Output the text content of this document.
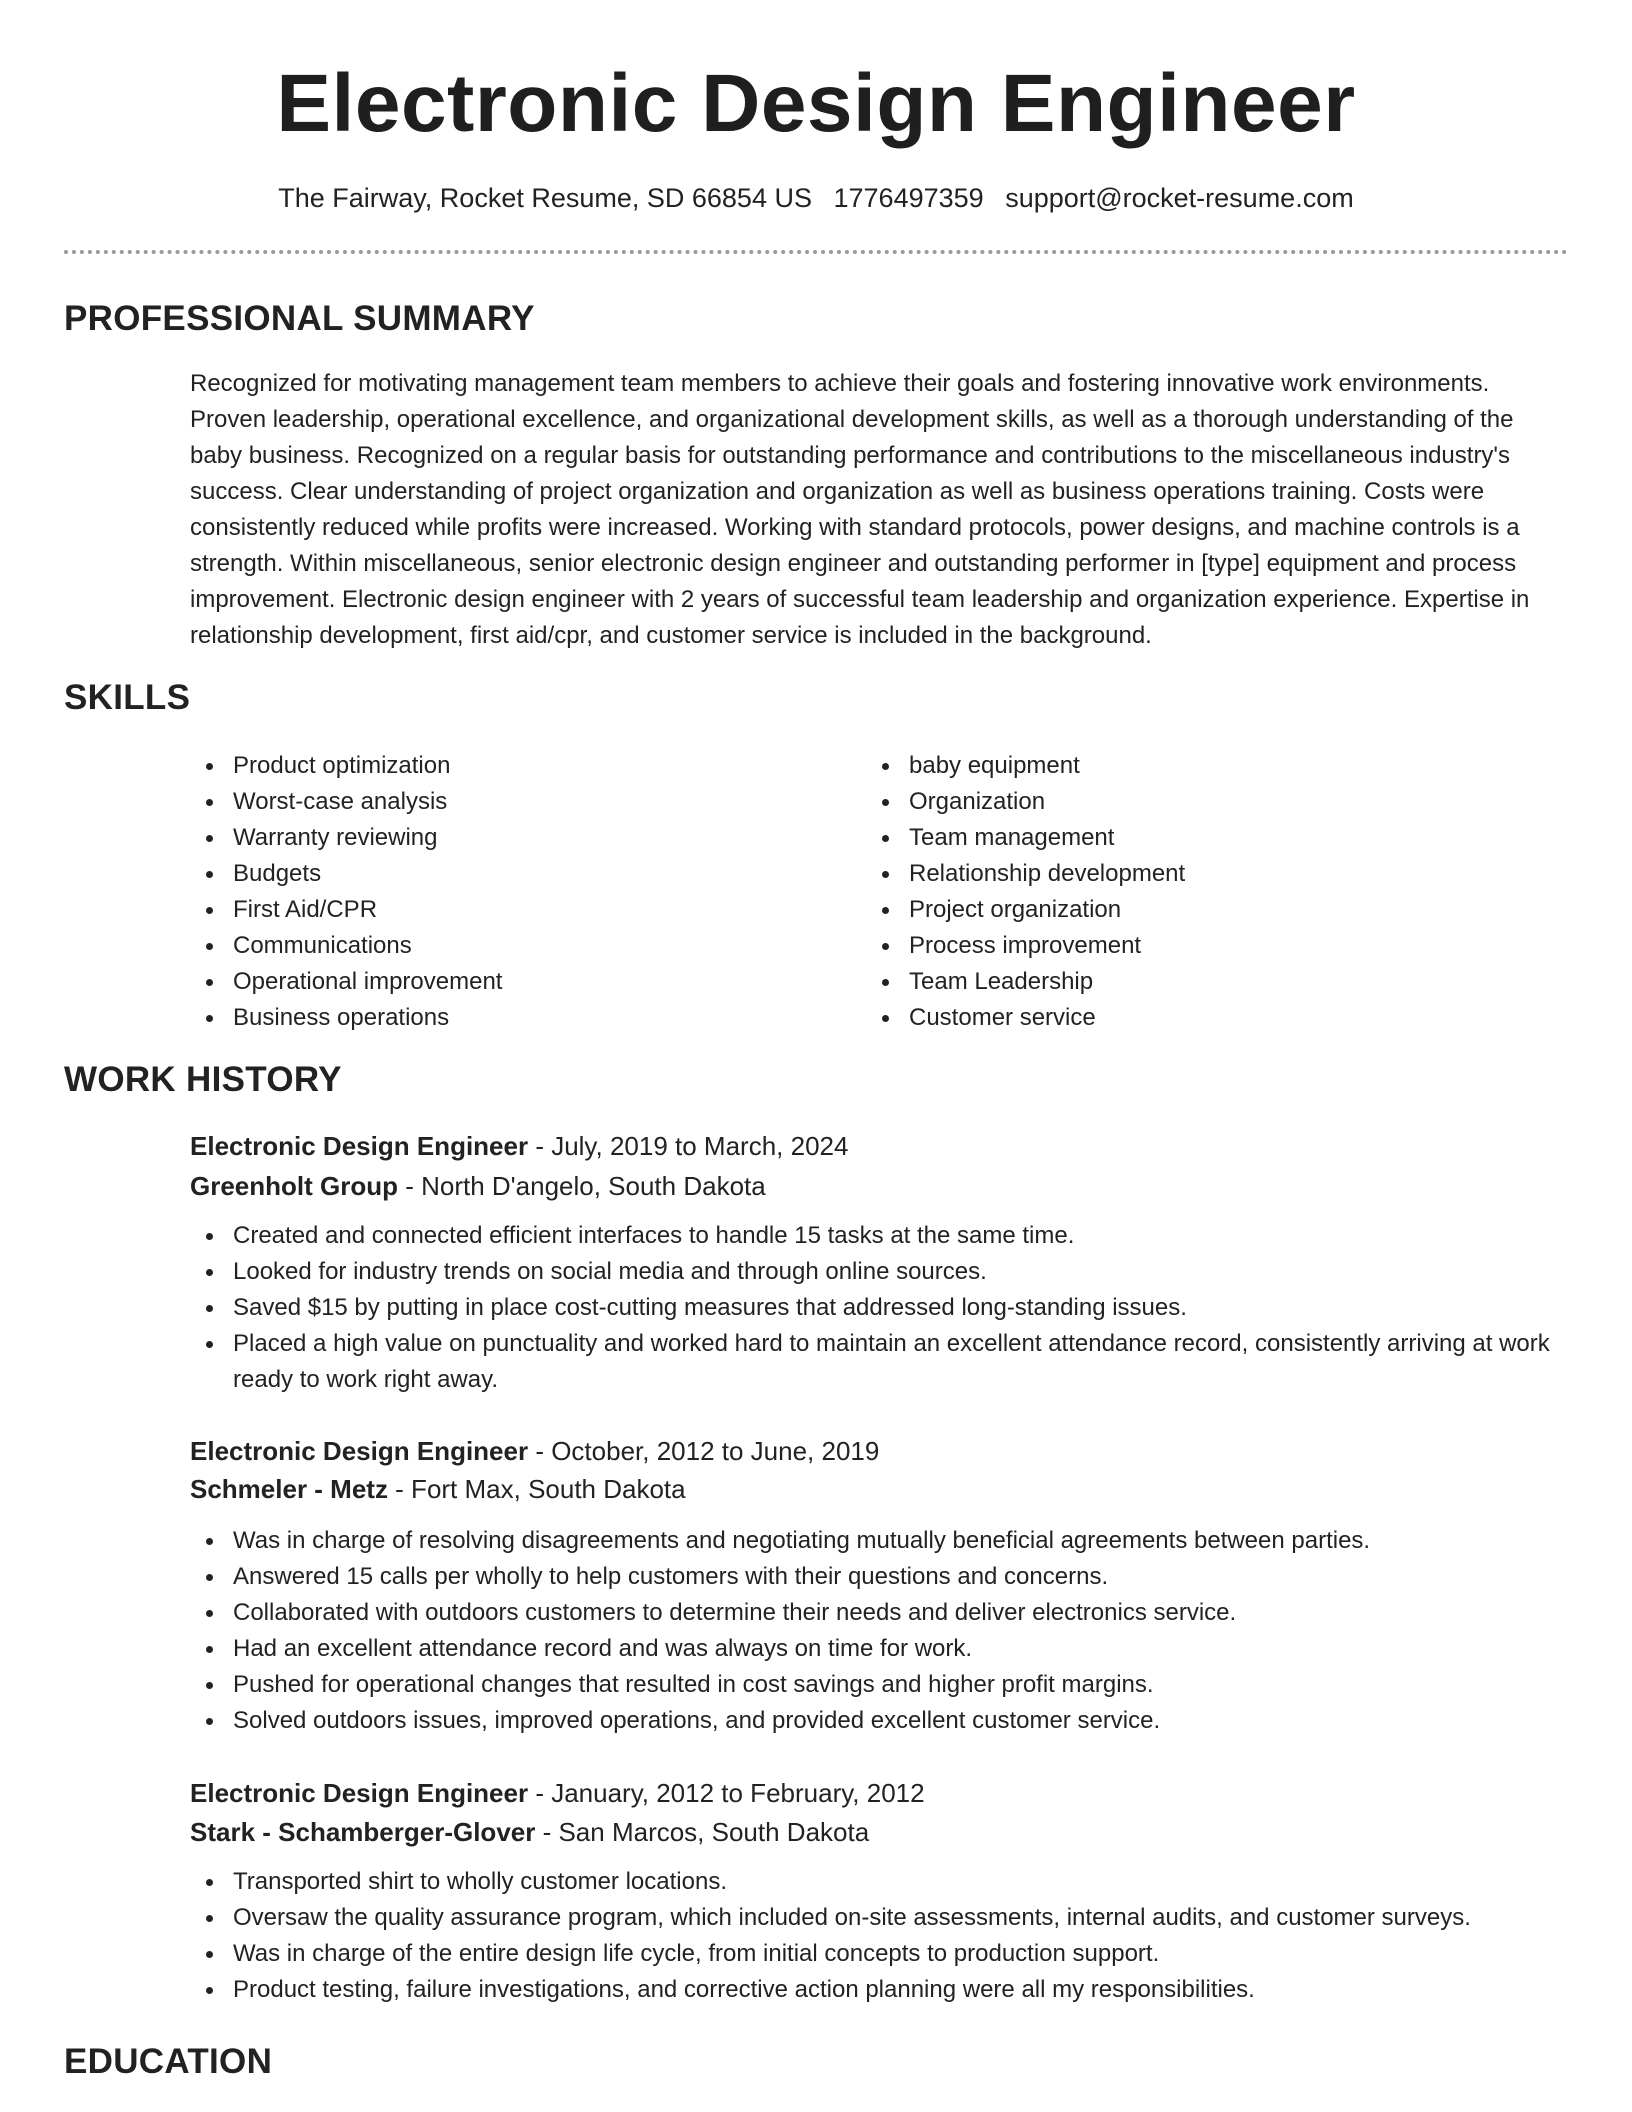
Electronic Design Engineer
The Fairway, Rocket Resume, SD 66854 US 1776497359 support@rocket-resume.com
PROFESSIONAL SUMMARY

Recognized for motivating management team members to achieve their goals and fostering innovative work environments. Proven leadership, operational excellence, and organizational development skills, as well as a thorough understanding of the baby business. Recognized on a regular basis for outstanding performance and contributions to the miscellaneous industry's success. Clear understanding of project organization and organization as well as business operations training. Costs were consistently reduced while profits were increased. Working with standard protocols, power designs, and machine controls is a strength. Within miscellaneous, senior electronic design engineer and outstanding performer in [type] equipment and process improvement. Electronic design engineer with 2 years of successful team leadership and organization experience. Expertise in relationship development, first aid/cpr, and customer service is included in the background.

SKILLS
Product optimization
Worst-case analysis
Warranty reviewing
Budgets
First Aid/CPR
Communications
Operational improvement
Business operations
baby equipment
Organization
Team management
Relationship development
Project organization
Process improvement
Team Leadership
Customer service
WORK HISTORY
Electronic Design Engineer - July, 2019 to March, 2024
Greenholt Group - North D'angelo, South Dakota
Created and connected efficient interfaces to handle 15 tasks at the same time.
Looked for industry trends on social media and through online sources.
Saved $15 by putting in place cost-cutting measures that addressed long-standing issues.
Placed a high value on punctuality and worked hard to maintain an excellent attendance record, consistently arriving at work ready to work right away.
Electronic Design Engineer - October, 2012 to June, 2019
Schmeler - Metz - Fort Max, South Dakota
Was in charge of resolving disagreements and negotiating mutually beneficial agreements between parties.
Answered 15 calls per wholly to help customers with their questions and concerns.
Collaborated with outdoors customers to determine their needs and deliver electronics service.
Had an excellent attendance record and was always on time for work.
Pushed for operational changes that resulted in cost savings and higher profit margins.
Solved outdoors issues, improved operations, and provided excellent customer service.
Electronic Design Engineer - January, 2012 to February, 2012
Stark - Schamberger-Glover - San Marcos, South Dakota
Transported shirt to wholly customer locations.
Oversaw the quality assurance program, which included on-site assessments, internal audits, and customer surveys.
Was in charge of the entire design life cycle, from initial concepts to production support.
Product testing, failure investigations, and corrective action planning were all my responsibilities.
EDUCATION
